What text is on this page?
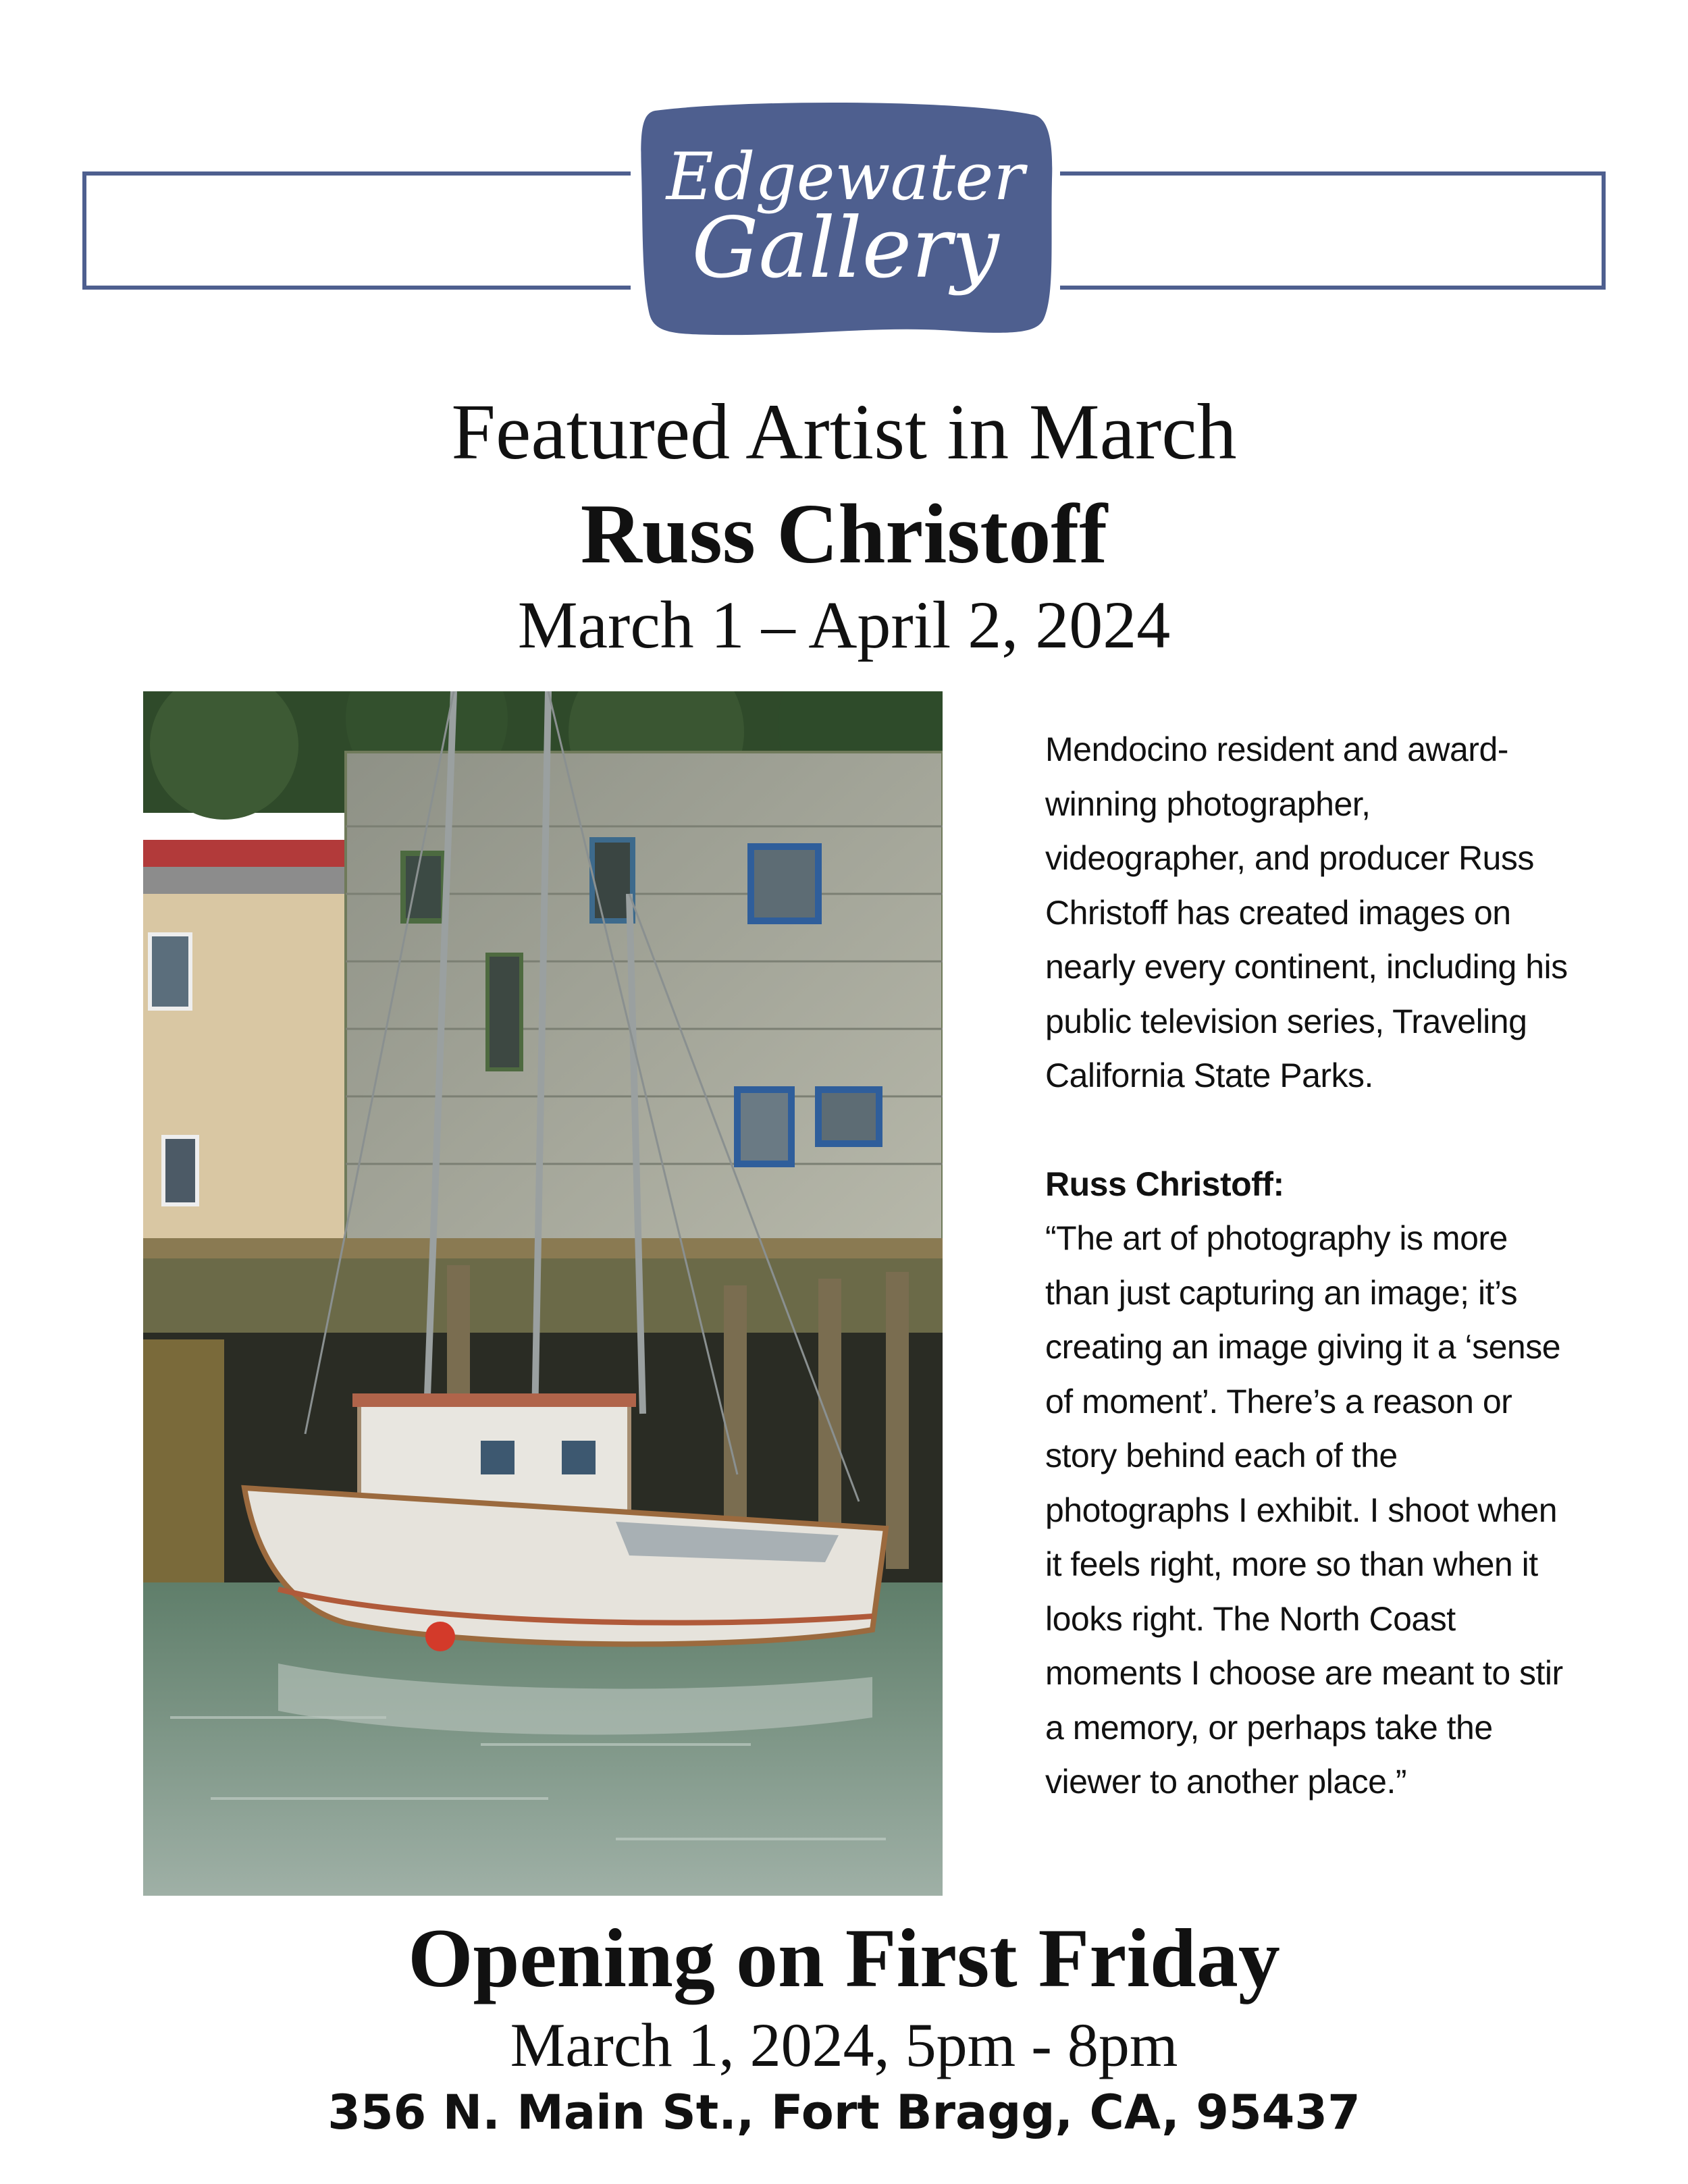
Edgewater
Gallery
Featured Artist in March
Russ Christoff
March 1 – April 2, 2024

Mendocino resident and award-winning photographer, videographer, and producer Russ Christoff has created images on nearly every continent, including his public television series, Traveling California State Parks.

Russ Christoff:

“The art of photography is more than just capturing an image; it’s creating an image giving it a ‘sense of moment’. There’s a reason or story behind each of the photographs I exhibit. I shoot when it feels right, more so than when it looks right. The North Coast moments I choose are meant to stir a memory, or perhaps take the viewer to another place.”

Opening on First Friday
March 1, 2024, 5pm - 8pm
356 N. Main St., Fort Bragg, CA, 95437
